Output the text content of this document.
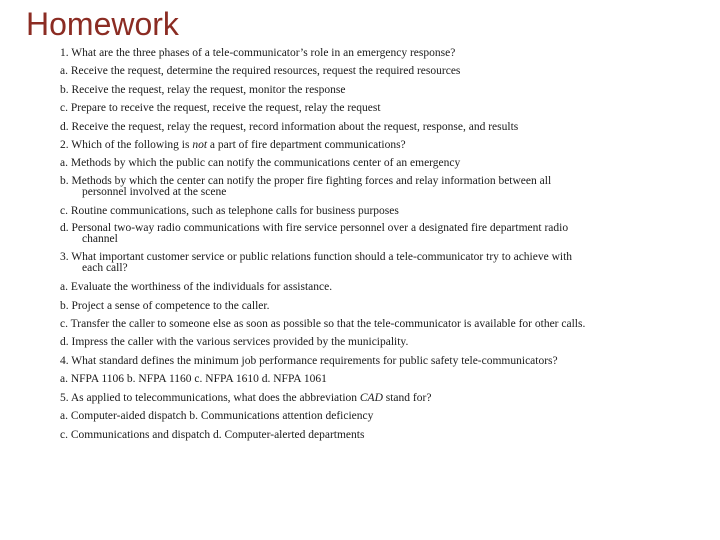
Homework
1. What are the three phases of a tele-communicator’s role in an emergency response?
a. Receive the request, determine the required resources, request the required resources
b. Receive the request, relay the request, monitor the response
c. Prepare to receive the request, receive the request, relay the request
d. Receive the request, relay the request, record information about the request, response, and results
2. Which of the following is not a part of fire department communications?
a. Methods by which the public can notify the communications center of an emergency
b. Methods by which the center can notify the proper fire fighting forces and relay information between all
personnel involved at the scene
c. Routine communications, such as telephone calls for business purposes
d. Personal two-way radio communications with fire service personnel over a designated fire department radio
channel
3. What important customer service or public relations function should a tele-communicator try to achieve with
each call?
a. Evaluate the worthiness of the individuals for assistance.
b. Project a sense of competence to the caller.
c. Transfer the caller to someone else as soon as possible so that the tele-communicator is available for other calls.
d. Impress the caller with the various services provided by the municipality.
4. What standard defines the minimum job performance requirements for public safety tele-communicators?
a. NFPA 1106 b. NFPA 1160 c. NFPA 1610 d. NFPA 1061
5. As applied to telecommunications, what does the abbreviation CAD stand for?
a. Computer-aided dispatch b. Communications attention deficiency
c. Communications and dispatch d. Computer-alerted departments
